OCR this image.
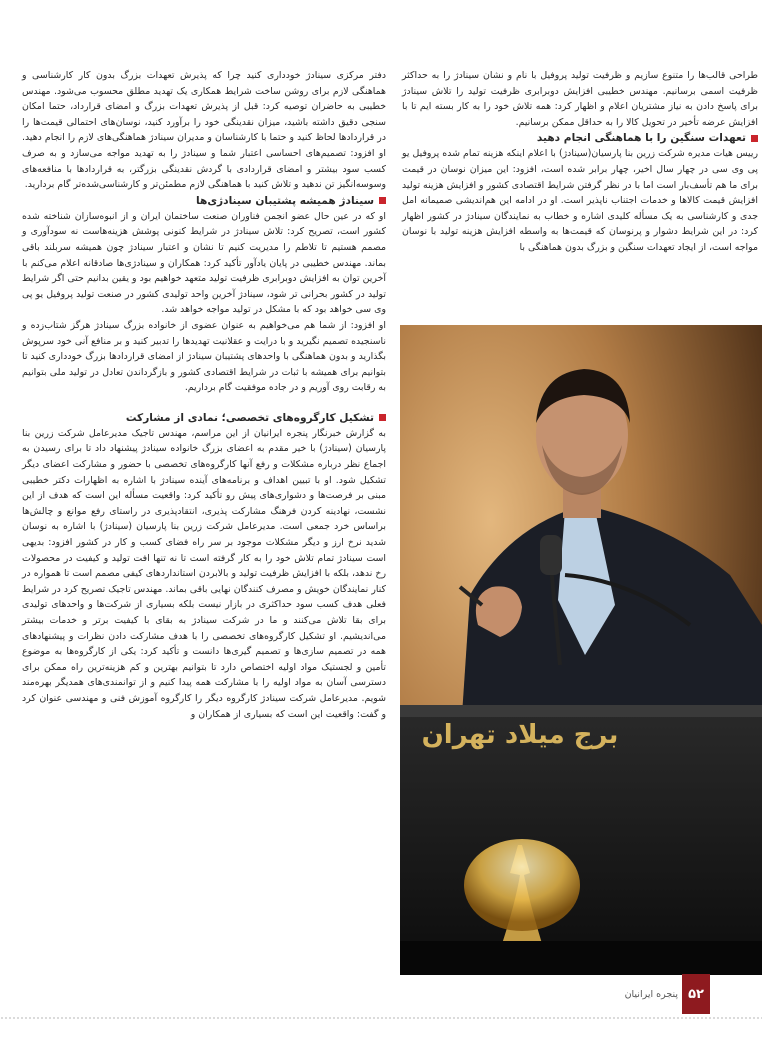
طراحی قالب‌ها را متنوع سازیم و ظرفیت تولید پروفیل با نام و نشان سینادژ را به حداکثر ظرفیت اسمی برسانیم. مهندس خطیبی افزایش دوبرابری ظرفیت تولید را تلاش سینادژ برای پاسخ دادن به نیاز مشتریان اعلام و اظهار کرد: همه تلاش خود را به کار بسته ایم تا با افزایش عرضه تأخیر در تحویل کالا را به حداقل ممکن برسانیم.

تعهدات سنگین را با هماهنگی انجام دهید

رییس هیات مدیره شرکت زرین بنا پارسیان(سینادژ) با اعلام اینکه هزینه تمام شده پروفیل یو پی وی سی در چهار سال اخیر، چهار برابر شده است، افزود: این میزان نوسان در قیمت برای ما هم تأسف‌بار است اما با در نظر گرفتن شرایط اقتصادی کشور و افزایش هزینه تولید افزایش قیمت کالاها و خدمات اجتناب ناپذیر است. او در ادامه این هم‌اندیشی صمیمانه امل جدی و کارشناسی به یک مسأله کلیدی اشاره و خطاب به نمایندگان سینادژ در کشور اظهار کرد: در این شرایط دشوار و پرنوسان که قیمت‌ها به واسطه افزایش هزینه تولید با نوسان مواجه است، از ایجاد تعهدات سنگین و بزرگ بدون هماهنگی با

دفتر مرکزی سینادژ خودداری کنید چرا که پذیرش تعهدات بزرگ بدون کار کارشناسی و هماهنگی لازم برای روشن ساخت شرایط همکاری یک تهدید مطلق محسوب می‌شود. مهندس خطیبی به حاضران توصیه کرد: قبل از پذیرش تعهدات بزرگ و امضای قرارداد، حتما امکان سنجی دقیق داشته باشید، میزان نقدینگی خود را برآورد کنید، نوسان‌های احتمالی قیمت‌ها را در قراردادها لحاظ کنید و حتما با کارشناسان و مدیران سینادژ هماهنگی‌های لازم را انجام دهید. او افزود: تصمیم‌های احساسی اعتبار شما و سینادژ را به تهدید مواجه می‌سازد و به صرف کسب سود بیشتر و امضای قراردادی با گردش نقدینگی بزرگتر، به قراردادها با منافعه‌های وسوسه‌انگیز تن ندهید و تلاش کنید با هماهنگی لازم مطمئن‌تر و کارشناسی‌شده‌تر گام بردارید.

سینادژ همیشه پشتیبان سینادژی‌ها

او که در عین حال عضو انجمن فناوران صنعت ساختمان ایران و از انبوه‌سازان شناخته شده کشور است، تصریح کرد: تلاش سینادژ در شرایط کنونی پوشش هزینه‌هاست نه سودآوری و مصمم هستیم تا تلاطم را مدیریت کنیم تا نشان و اعتبار سینادژ چون همیشه سربلند باقی بماند. مهندس خطیبی در پایان یادآور تأکید کرد: همکاران و سینادژی‌ها صادقانه اعلام می‌کنم با آخرین توان به افزایش دوبرابری ظرفیت تولید متعهد خواهیم بود و یقین بدانیم حتی اگر شرایط تولید در کشور بحرانی تر شود، سینادژ آخرین واحد تولیدی کشور در صنعت تولید پروفیل یو پی وی سی خواهد بود که با مشکل در تولید مواجه خواهد شد.

او افزود: از شما هم می‌خواهیم به عنوان عضوی از خانواده بزرگ سینادژ هرگز شتاب‌زده و ناسنجیده تصمیم نگیرید و با درایت و عقلانیت تهدیدها را تدبیر کنید و بر منافع آنی خود سرپوش بگذارید و بدون هماهنگی با واحدهای پشتیبان سینادژ از امضای قراردادها بزرگ خودداری کنید تا بتوانیم برای همیشه با ثبات در شرایط اقتصادی کشور و بازگرداندن تعادل در تولید ملی بتوانیم به رقابت روی آوریم و در جاده موفقیت گام برداریم.

تشکیل کارگروه‌های تخصصی؛ نمادی از مشارکت

به گزارش خبرنگار پنجره ایرانیان از این مراسم، مهندس تاجیک مدیرعامل شرکت زرین بنا پارسیان (سینادژ) با خیر مقدم به اعضای بزرگ خانواده سینادژ پیشنهاد داد تا برای رسیدن به اجماع نظر درباره مشکلات و رفع آنها کارگروه‌های تخصصی با حضور و مشارکت اعضای دیگر تشکیل شود. او با تبیین اهداف و برنامه‌های آینده سینادژ با اشاره به اظهارات دکتر خطیبی مبنی بر فرصت‌ها و دشواری‌های پیش رو تأکید کرد: واقعیت مسأله این است که هدف از این نشست، نهادینه کردن فرهنگ مشارکت پذیری، انتقادپذیری در راستای رفع موانع و چالش‌ها براساس خرد جمعی است. مدیرعامل شرکت زرین بنا پارسیان (سینادژ) با اشاره به نوسان شدید نرخ ارز و دیگر مشکلات موجود بر سر راه فضای کسب و کار در کشور افزود: بدیهی است سینادژ تمام تلاش خود را به کار گرفته است تا نه تنها افت تولید و کیفیت در محصولات رخ ندهد، بلکه با افزایش ظرفیت تولید و بالابردن استانداردهای کیفی مصمم است تا همواره در کنار نمایندگان خویش و مصرف کنندگان نهایی باقی بماند. مهندس تاجیک تصریح کرد در شرایط فعلی هدف کسب سود حداکثری در بازار نیست بلکه بسیاری از شرکت‌ها و واحدهای تولیدی برای بقا تلاش می‌کنند و ما در شرکت سینادژ به بقای با کیفیت برتر و خدمات بیشتر می‌اندیشیم. او تشکیل کارگروه‌های تخصصی را با هدف مشارکت دادن نظرات و پیشنهادهای همه در تصمیم سازی‌ها و تصمیم گیری‌ها دانست و تأکید کرد: یکی از کارگروه‌ها به موضوع تأمین و لجستیک مواد اولیه اختصاص دارد تا بتوانیم بهترین و کم هزینه‌ترین راه ممکن برای دسترسی آسان به مواد اولیه را با مشارکت همه پیدا کنیم و از توانمندی‌های همدیگر بهره‌مند شویم. مدیرعامل شرکت سینادژ کارگروه دیگر را کارگروه آموزش فنی و مهندسی عنوان کرد و گفت: واقعیت این است که بسیاری از همکاران و

برج میلاد تهران
پنجره ایرانیان ۵۲
